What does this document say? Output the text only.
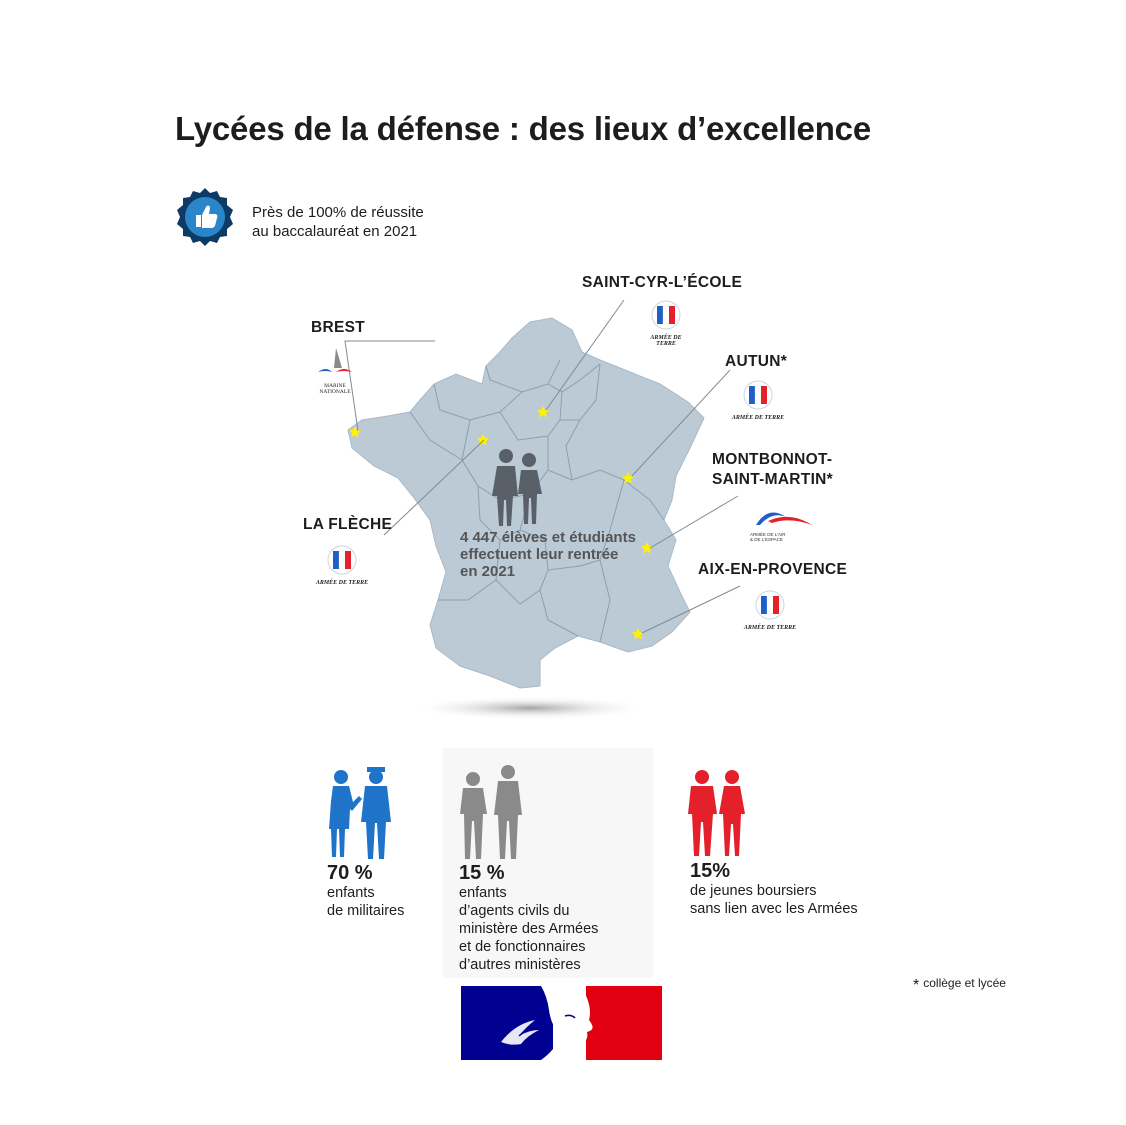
Lycées de la défense : des lieux d’excellence
Près de 100% de réussite
au baccalauréat en 2021
BREST
SAINT-CYR-L’ÉCOLE
AUTUN*
MONTBONNOT-
SAINT-MARTIN*
LA FLÈCHE
AIX-EN-PROVENCE
ARMÉE DE TERRE
ARMÉE DE TERRE
ARMÉE DE TERRE
ARMÉE DE TERRE
MARINE
NATIONALE
ARMÉE DE L’AIR
& DE L’ESPACE
4 447 élèves et étudiants
effectuent leur rentrée
en 2021
70 %
enfants
de militaires
15 %
enfants
d’agents civils du
ministère des Armées
et de fonctionnaires
d’autres ministères
15%
de jeunes boursiers
sans lien avec les Armées
* collège et lycée
